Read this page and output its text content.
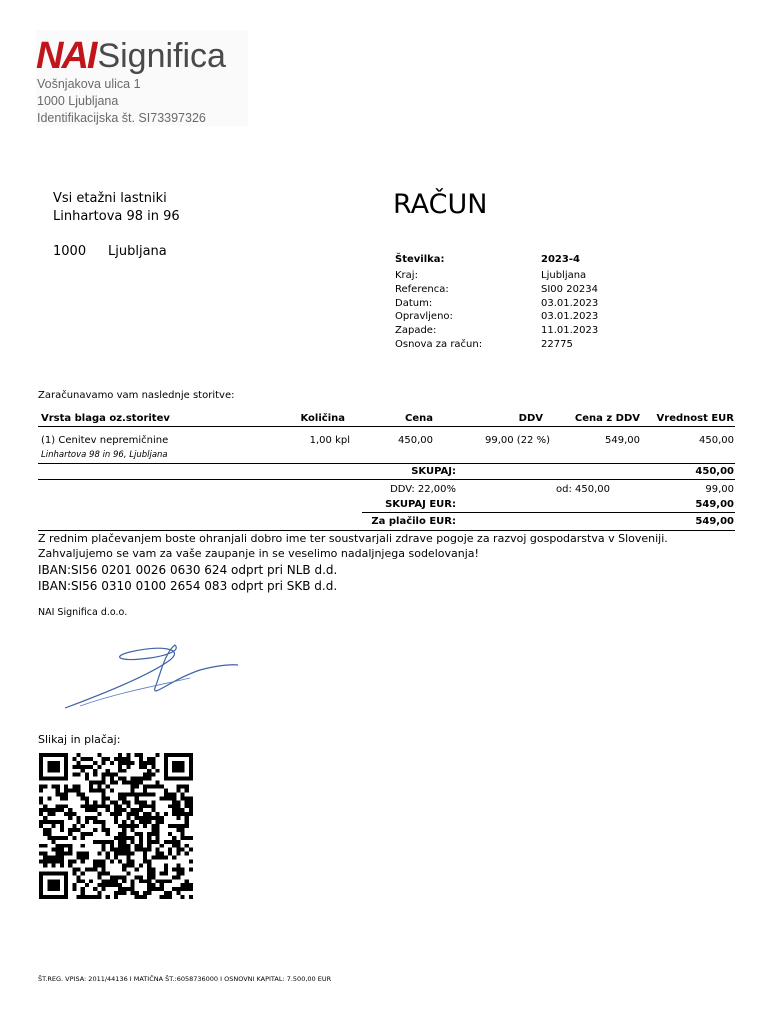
NAI Significa
Vošnjakova ulica 1
1000 Ljubljana
Identifikacijska št. SI73397326
Vsi etažni lastniki
Linhartova 98 in 96
1000 Ljubljana
RAČUN
Številka:	2023-4
Kraj:	Ljubljana
Referenca:	SI00 20234
Datum:	03.01.2023
Opravljeno:	03.01.2023
Zapade:	11.01.2023
Osnova za račun:	22775
Zaračunavamo vam naslednje storitve:
Vrsta blaga oz.storitev	Količina	Cena	DDV	Cena z DDV	Vrednost EUR
(1) Cenitev nepremičnine
Linhartova 98 in 96, Ljubljana
1,00 kpl	450,00	99,00 (22 %)	549,00	450,00
SKUPAJ:	450,00
DDV: 22,00%	od: 450,00	99,00
SKUPAJ EUR:	549,00
Za plačilo EUR:	549,00
Z rednim plačevanjem boste ohranjali dobro ime ter soustvarjali zdrave pogoje za razvoj gospodarstva v Sloveniji.
Zahvaljujemo se vam za vaše zaupanje in se veselimo nadaljnjega sodelovanja!
IBAN:SI56 0201 0026 0630 624 odprt pri NLB d.d.
IBAN:SI56 0310 0100 2654 083 odprt pri SKB d.d.
NAI Significa d.o.o.
Slikaj in plačaj:
ŠT.REG. VPISA: 2011/44136 I MATIČNA ŠT.:6058736000 I OSNOVNI KAPITAL: 7.500,00 EUR
